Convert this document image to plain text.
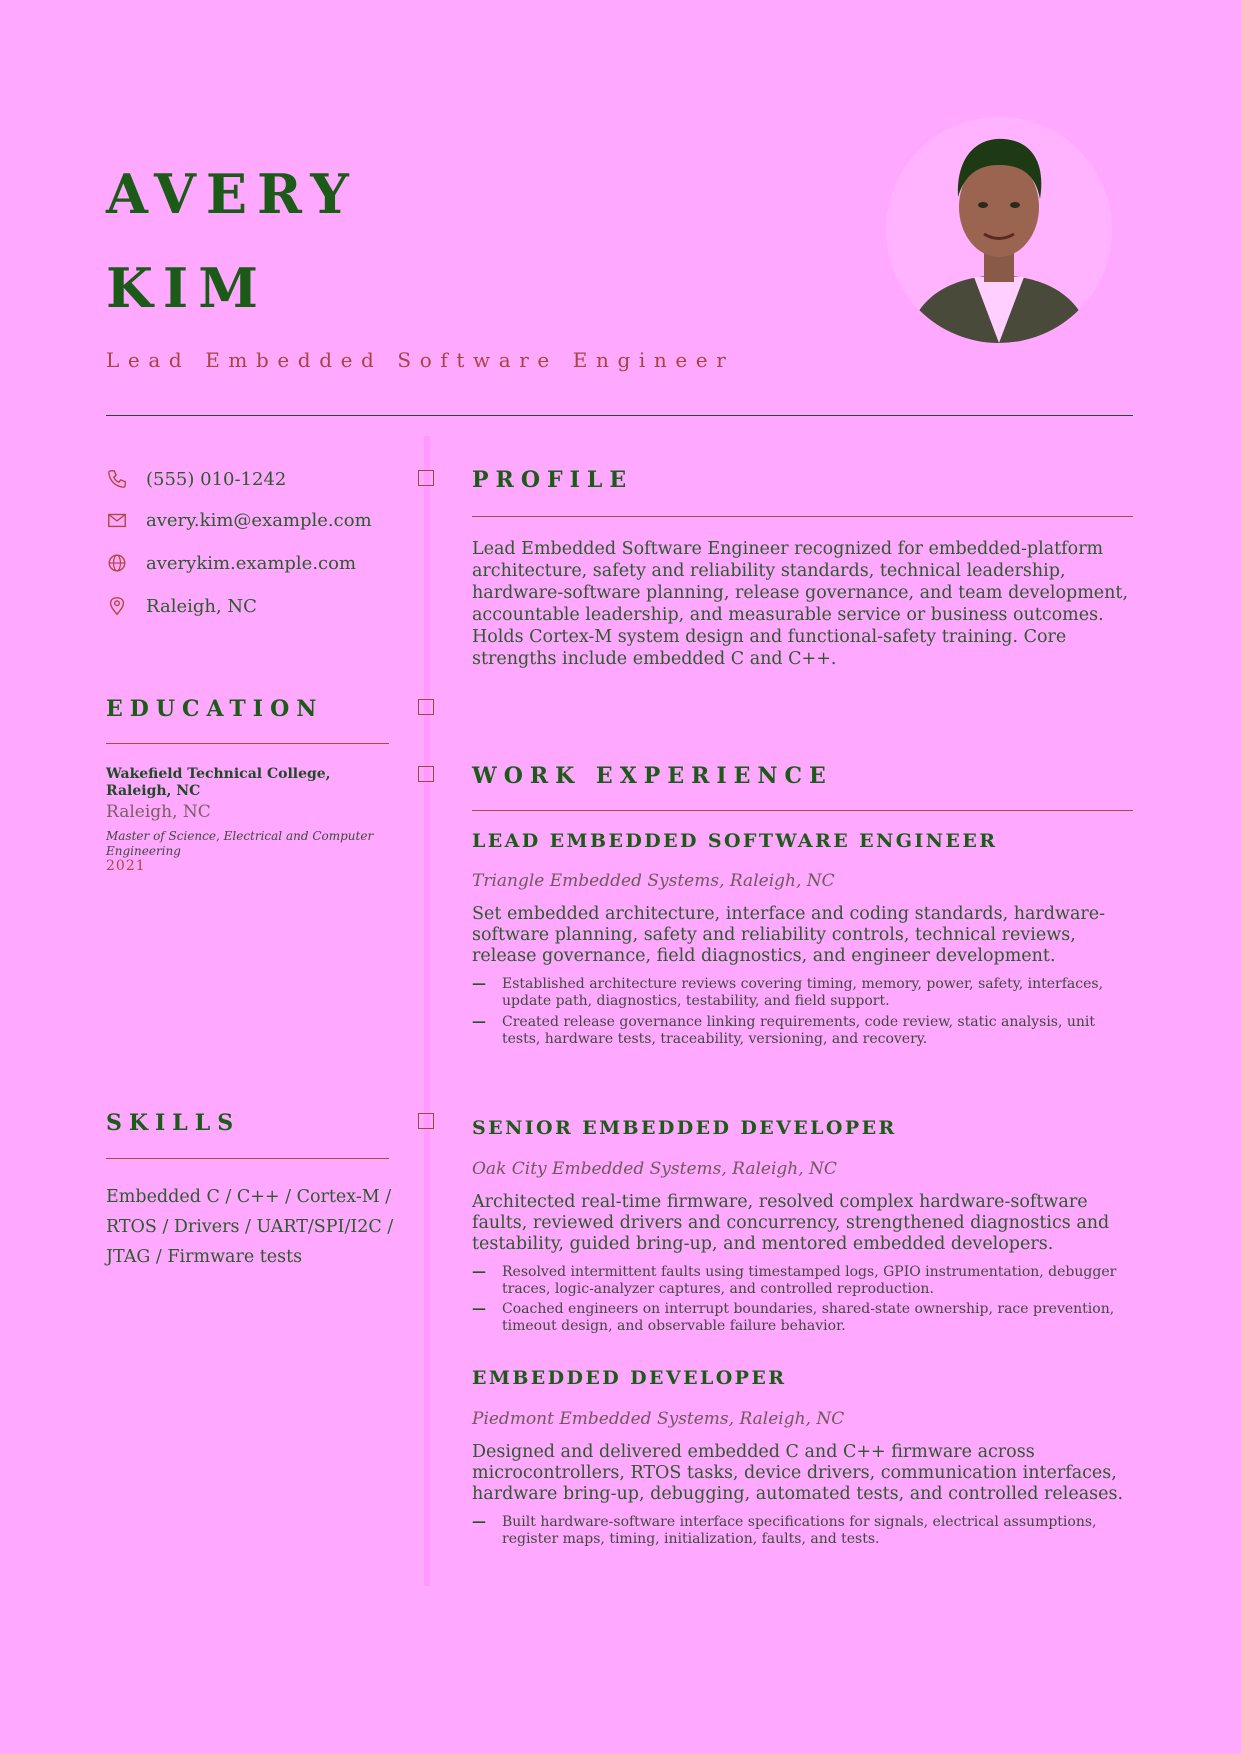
AVERY
KIM
Lead Embedded Software Engineer
(555) 010-1242
avery.kim@example.com
averykim.example.com
Raleigh, NC
PROFILE
Lead Embedded Software Engineer recognized for embedded-platform architecture, safety and reliability standards, technical leadership, hardware-software planning, release governance, and team development, accountable leadership, and measurable service or business outcomes. Holds Cortex-M system design and functional-safety training. Core strengths include embedded C and C++.
EDUCATION
Wakefield Technical College, Raleigh, NC
Raleigh, NC
Master of Science, Electrical and Computer Engineering
2021
WORK EXPERIENCE
LEAD EMBEDDED SOFTWARE ENGINEER
Triangle Embedded Systems, Raleigh, NC
Set embedded architecture, interface and coding standards, hardware-software planning, safety and reliability controls, technical reviews, release governance, field diagnostics, and engineer development.
—	Established architecture reviews covering timing, memory, power, safety, interfaces, update path, diagnostics, testability, and field support.
—	Created release governance linking requirements, code review, static analysis, unit tests, hardware tests, traceability, versioning, and recovery.
SKILLS
Embedded C / C++ / Cortex-M / RTOS / Drivers / UART/SPI/I2C / JTAG / Firmware tests
SENIOR EMBEDDED DEVELOPER
Oak City Embedded Systems, Raleigh, NC
Architected real-time firmware, resolved complex hardware-software faults, reviewed drivers and concurrency, strengthened diagnostics and testability, guided bring-up, and mentored embedded developers.
—	Resolved intermittent faults using timestamped logs, GPIO instrumentation, debugger traces, logic-analyzer captures, and controlled reproduction.
—	Coached engineers on interrupt boundaries, shared-state ownership, race prevention, timeout design, and observable failure behavior.
EMBEDDED DEVELOPER
Piedmont Embedded Systems, Raleigh, NC
Designed and delivered embedded C and C++ firmware across microcontrollers, RTOS tasks, device drivers, communication interfaces, hardware bring-up, debugging, automated tests, and controlled releases.
—	Built hardware-software interface specifications for signals, electrical assumptions, register maps, timing, initialization, faults, and tests.
